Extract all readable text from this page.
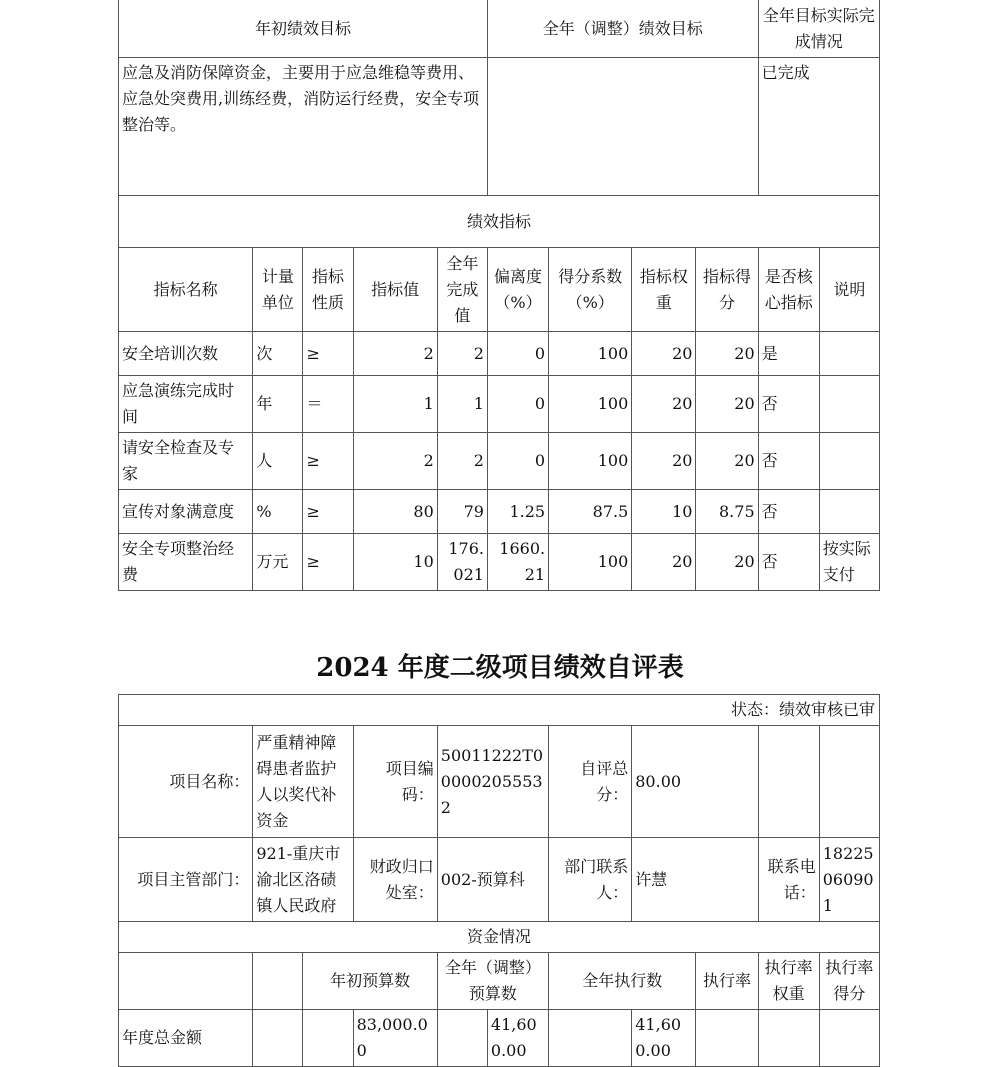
年初绩效目标					全年（调整）绩效目标				全年目标实际完成情况	
应急及消防保障资金，主要用于应急维稳等费用、应急处突费用,训练经费，消防运行经费，安全专项整治等。									已完成	
绩效指标										
指标名称	计量单位	指标性质	指标值	全年完成值	偏离度（%）	得分系数（%）	指标权重	指标得分	是否核心指标	说明
安全培训次数	次	≥	2	2	0	100	20	20	是	
应急演练完成时间	年	＝	1	1	0	100	20	20	否	
请安全检查及专家	人	≥	2	2	0	100	20	20	否	
宣传对象满意度	%	≥	80	79	1.25	87.5	10	8.75	否	
安全专项整治经费	万元	≥	10	176.021	1660.21	100	20	20	否	按实际支付
2024 年度二级项目绩效自评表
状态：绩效审核已审										
项目名称：	严重精神障碍患者监护人以奖代补资金		项目编码：	50011222T000002055532		自评总分：	80.00			
项目主管部门：	921-重庆市渝北区洛碛镇人民政府		财政归口处室：	002-预算科		部门联系人：	许慧		联系电话：	18225060901
资金情况										
		年初预算数		全年（调整）预算数		全年执行数		执行率	执行率权重	执行率得分
年度总金额			83,000.00		41,600.00		41,600.00			
